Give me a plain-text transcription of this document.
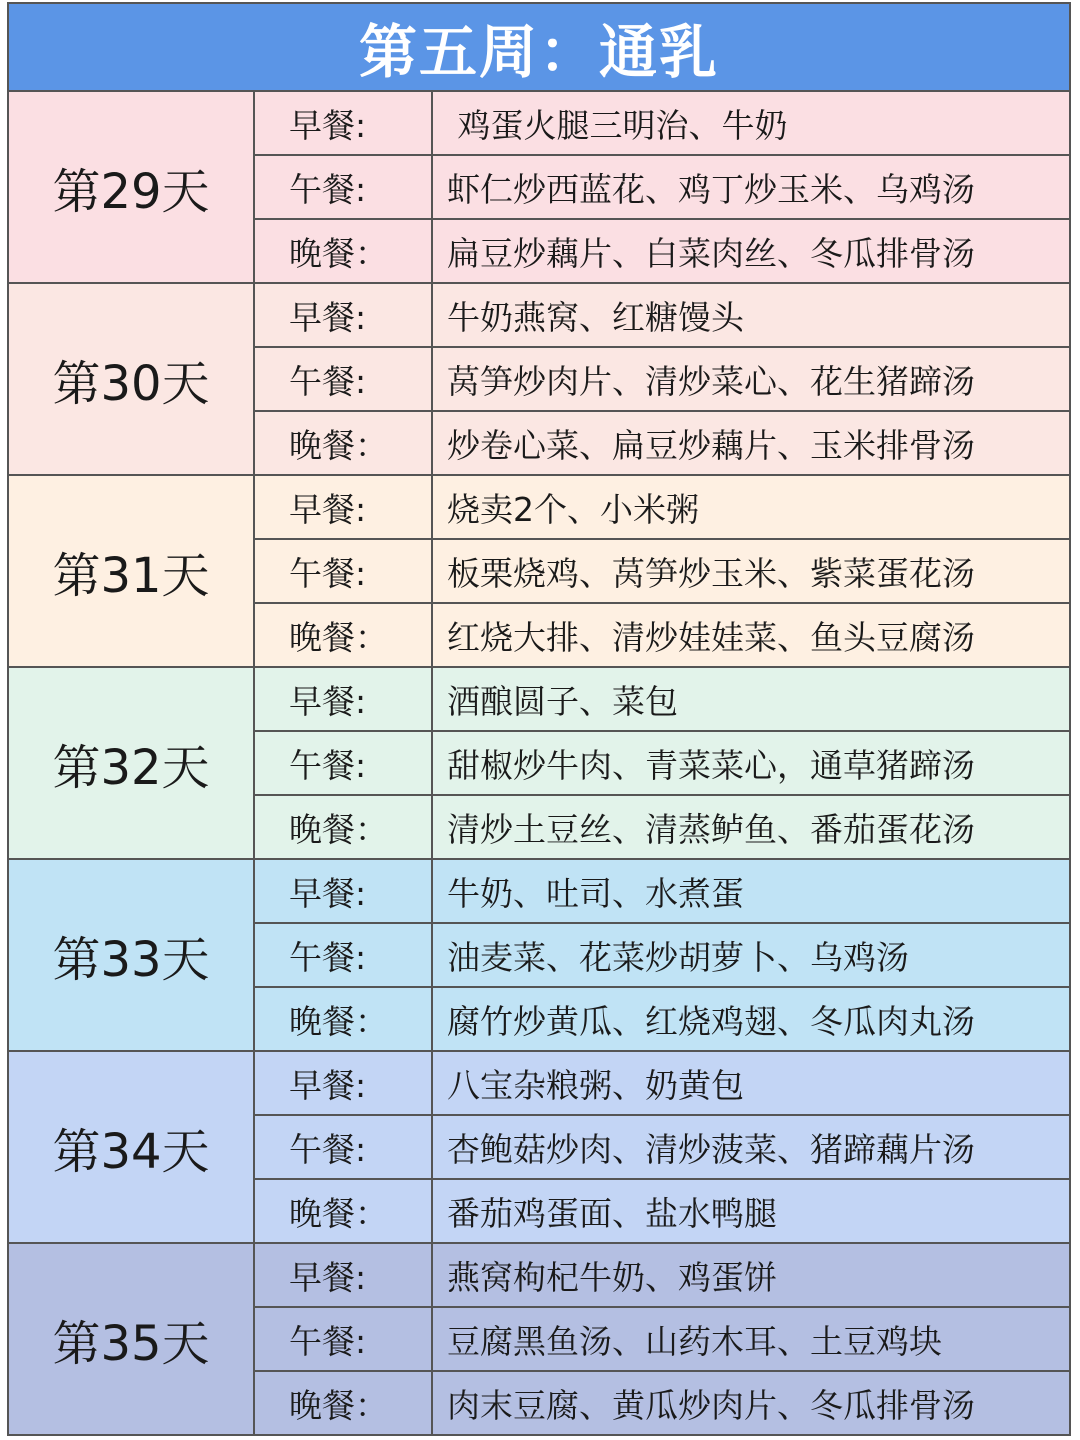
第五周：通乳
第29天
早餐:	鸡蛋火腿三明治、牛奶
午餐:	虾仁炒西蓝花、鸡丁炒玉米、乌鸡汤
晚餐：	扁豆炒藕片、白菜肉丝、冬瓜排骨汤
第30天
早餐:	牛奶燕窝、红糖馒头
午餐:	莴笋炒肉片、清炒菜心、花生猪蹄汤
晚餐：	炒卷心菜、扁豆炒藕片、玉米排骨汤
第31天
早餐:	烧卖2个、小米粥
午餐:	板栗烧鸡、莴笋炒玉米、紫菜蛋花汤
晚餐：	红烧大排、清炒娃娃菜、鱼头豆腐汤
第32天
早餐:	酒酿圆子、菜包
午餐:	甜椒炒牛肉、青菜菜心，通草猪蹄汤
晚餐：	清炒土豆丝、清蒸鲈鱼、番茄蛋花汤
第33天
早餐:	牛奶、吐司、水煮蛋
午餐:	油麦菜、花菜炒胡萝卜、乌鸡汤
晚餐：	腐竹炒黄瓜、红烧鸡翅、冬瓜肉丸汤
第34天
早餐:	八宝杂粮粥、奶黄包
午餐:	杏鲍菇炒肉、清炒菠菜、猪蹄藕片汤
晚餐：	番茄鸡蛋面、盐水鸭腿
第35天
早餐:	燕窝枸杞牛奶、鸡蛋饼
午餐:	豆腐黑鱼汤、山药木耳、土豆鸡块
晚餐：	肉末豆腐、黄瓜炒肉片、冬瓜排骨汤
